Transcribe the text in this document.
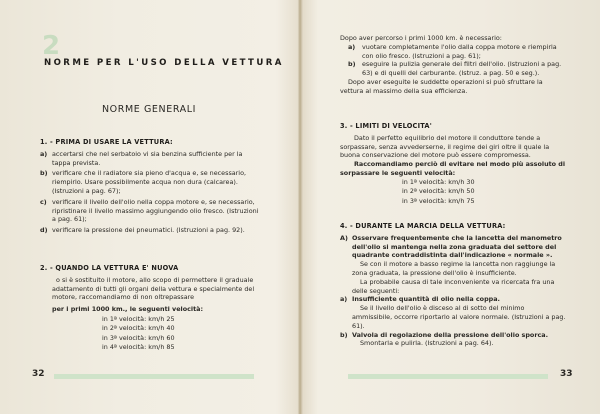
2
NORME PER L'USO DELLA VETTURA
NORME GENERALI
1. - PRIMA DI USARE LA VETTURA:
a) accertarsi che nel serbatoio vi sia benzina sufficiente per la tappa prevista.
b) verificare che il radiatore sia pieno d'acqua e, se necessario, riempirlo. Usare possibilmente acqua non dura (calcarea). (Istruzioni a pag. 67);
c) verificare il livello dell'olio nella coppa motore e, se necessario, ripristinare il livello massimo aggiungendo olio fresco. (Istruzioni a pag. 61);
d) verificare la pressione dei pneumatici. (Istruzioni a pag. 92).
2. - QUANDO LA VETTURA E' NUOVA
o si è sostituito il motore, allo scopo di permettere il graduale adattamento di tutti gli organi della vettura e specialmente del motore, raccomandiamo di non oltrepassare
per i primi 1000 km., le seguenti velocità:
in 1ª velocità: km/h 25
in 2ª velocità: km/h 40
in 3ª velocità: km/h 60
in 4ª velocità: km/h 85
32
Dopo aver percorso i primi 1000 km. è necessario:
a) vuotare completamente l'olio dalla coppa motore e riempirla con olio fresco. (Istruzioni a pag. 61);
b) eseguire la pulizia generale dei filtri dell'olio. (Istruzioni a pag. 63) e di quelli del carburante. (Istruz. a pag. 50 e seg.).
Dopo aver eseguite le suddette operazioni si può sfruttare la vettura al massimo della sua efficienza.
3. - LIMITI DI VELOCITA'
Dato il perfetto equilibrio del motore il conduttore tende a sorpassare, senza avvederserne, il regime dei giri oltre il quale la buona conservazione del motore può essere compromessa.
Raccomandiamo perciò di evitare nel modo più assoluto di sorpassare le seguenti velocità:
in 1ª velocità: km/h 30
in 2ª velocità: km/h 50
in 3ª velocità: km/h 75
4. - DURANTE LA MARCIA DELLA VETTURA:
A) Osservare frequentemente che la lancetta del manometro dell'olio si mantenga nella zona graduata del settore del quadrante contraddistinta dall'indicazione « normale ».
Se con il motore a basso regime la lancetta non raggiunge la zona graduata, la pressione dell'olio è insufficiente.
La probabile causa di tale inconveniente va ricercata fra una delle seguenti:
a) Insufficiente quantità di olio nella coppa.
Se il livello dell'olio è disceso al di sotto del minimo ammissibile, occorre riportarlo al valore normale. (Istruzioni a pag. 61).
b) Valvola di regolazione della pressione dell'olio sporca.
Smontarla e pulirla. (Istruzioni a pag. 64).
33
